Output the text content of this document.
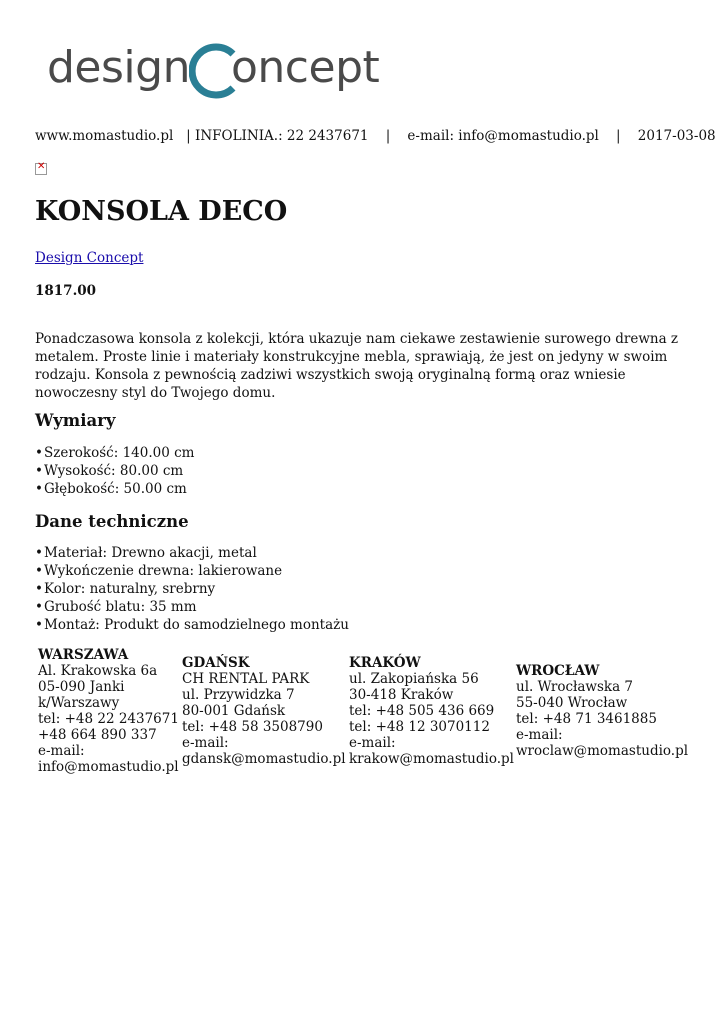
design oncept
www.momastudio.pl | INFOLINIA.: 22 2437671 | e-mail: info@momastudio.pl | 2017-03-08
✕
KONSOLA DECO
Design Concept
1817.00

Ponadczasowa konsola z kolekcji, która ukazuje nam ciekawe zestawienie surowego drewna z metalem. Proste linie i materiały konstrukcyjne mebla, sprawiają, że jest on jedyny w swoim rodzaju. Konsola z pewnością zadziwi wszystkich swoją oryginalną formą oraz wniesie nowoczesny styl do Twojego domu.

Wymiary
• Szerokość: 140.00 cm
• Wysokość: 80.00 cm
• Głębokość: 50.00 cm
Dane techniczne
• Materiał: Drewno akacji, metal
• Wykończenie drewna: lakierowane
• Kolor: naturalny, srebrny
• Grubość blatu: 35 mm
• Montaż: Produkt do samodzielnego montażu
WARSZAWA
Al. Krakowska 6a
05-090 Janki k/Warszawy
tel: +48 22 2437671
+48 664 890 337
e-mail:
info@momastudio.pl
GDAŃSK
CH RENTAL PARK
ul. Przywidzka 7
80-001 Gdańsk
tel: +48 58 3508790
e-mail:
gdansk@momastudio.pl
KRAKÓW
ul. Zakopiańska 56
30-418 Kraków
tel: +48 505 436 669
tel: +48 12 3070112
e-mail:
krakow@momastudio.pl
WROCŁAW
ul. Wrocławska 7
55-040 Wrocław
tel: +48 71 3461885
e-mail:
wroclaw@momastudio.pl
